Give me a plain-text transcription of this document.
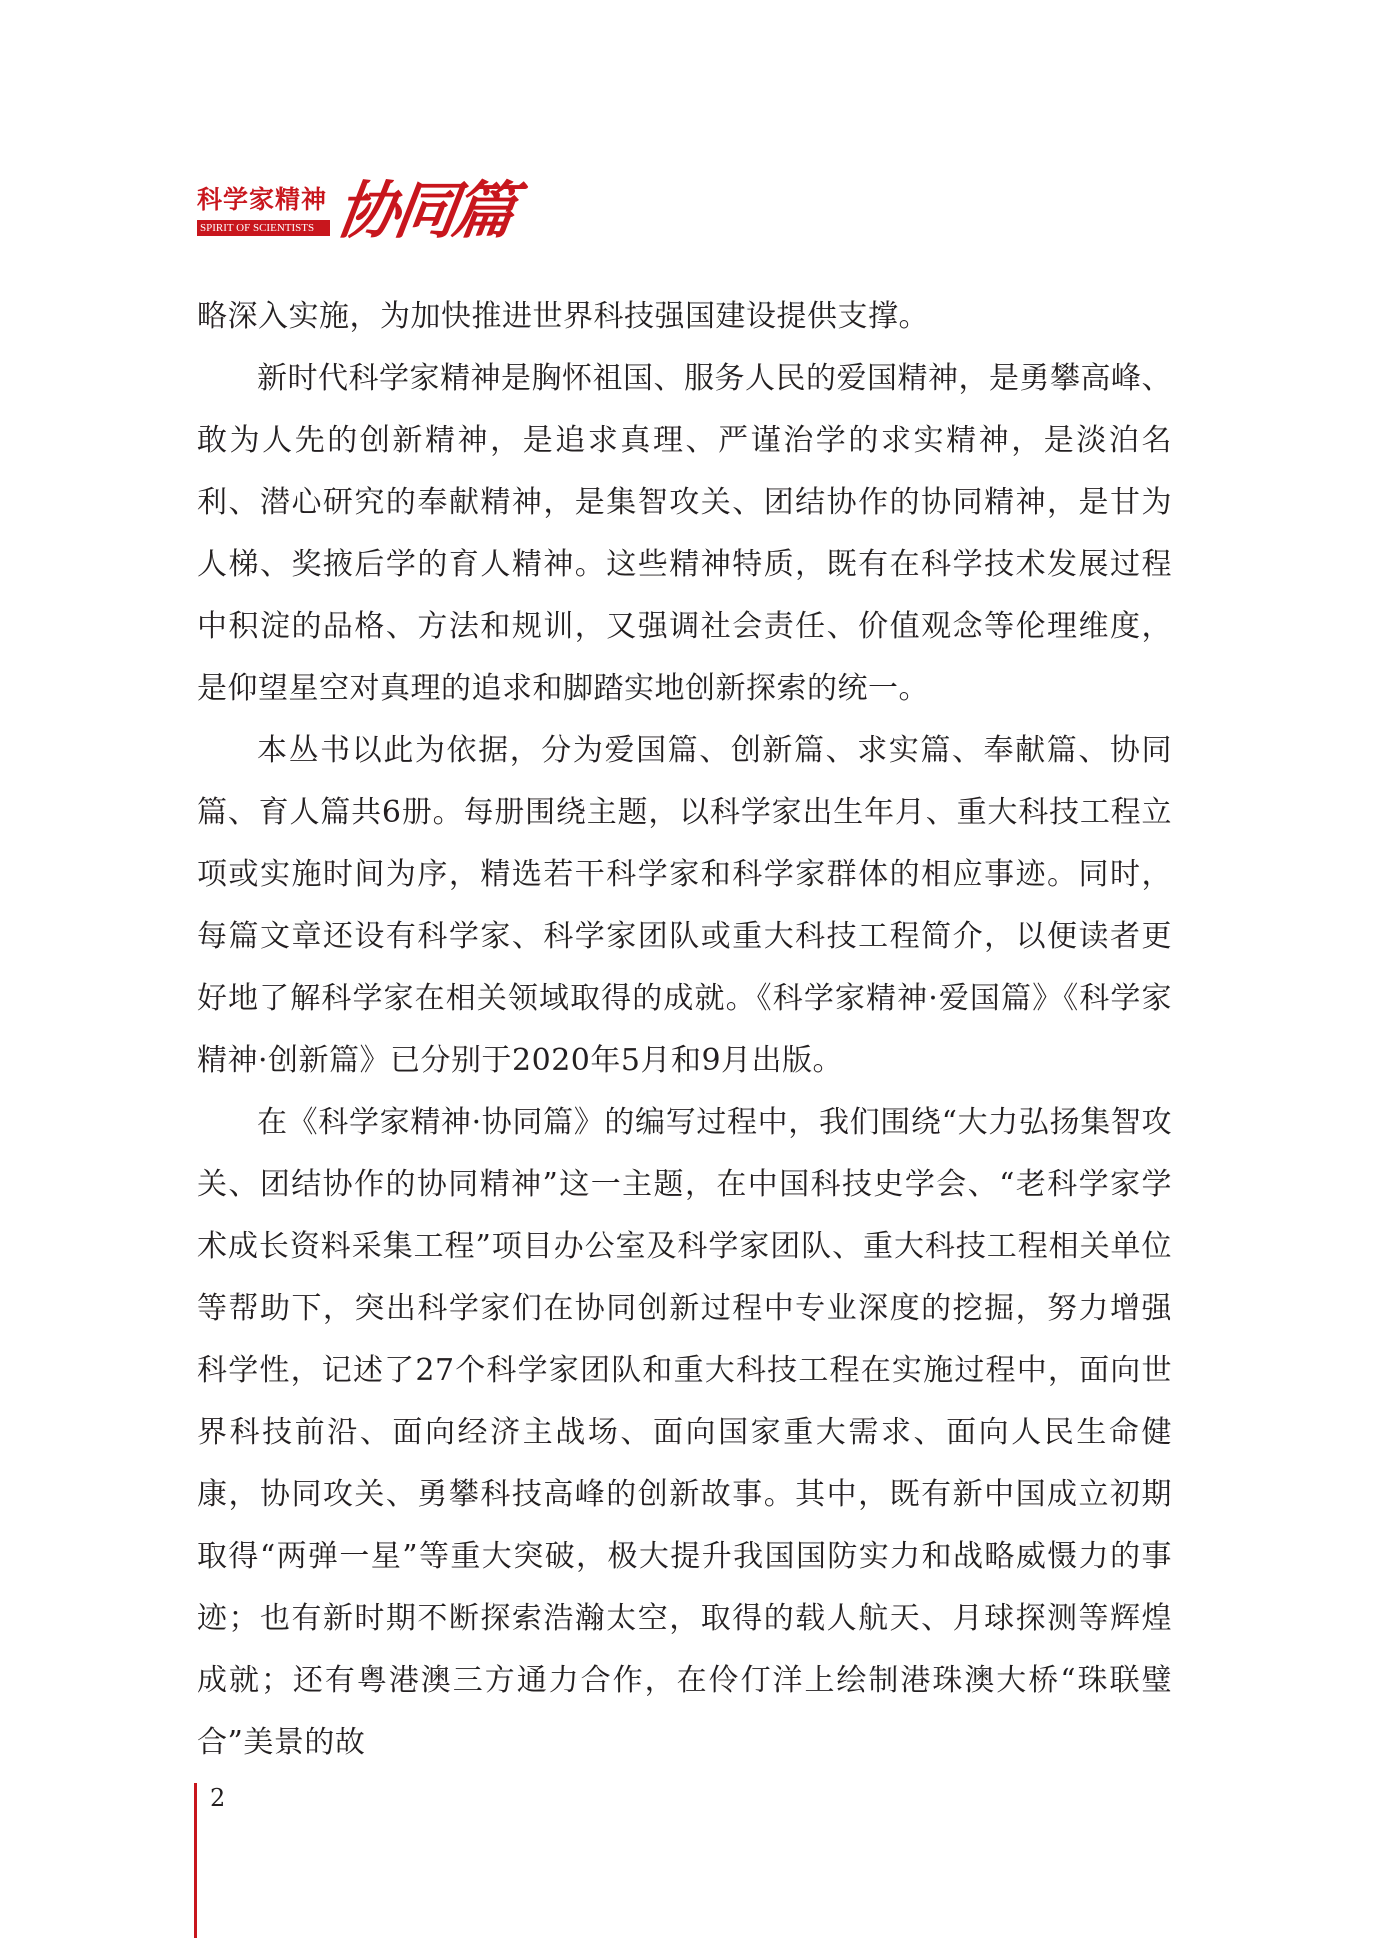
科学家精神
SPIRIT OF SCIENTISTS 协同篇

略深入实施，为加快推进世界科技强国建设提供支撑。

新时代科学家精神是胸怀祖国、服务人民的爱国精神，是勇攀高峰、敢为人先的创新精神，是追求真理、严谨治学的求实精神，是淡泊名利、潜心研究的奉献精神，是集智攻关、团结协作的协同精神，是甘为人梯、奖掖后学的育人精神。这些精神特质，既有在科学技术发展过程中积淀的品格、方法和规训，又强调社会责任、价值观念等伦理维度，是仰望星空对真理的追求和脚踏实地创新探索的统一。

本丛书以此为依据，分为爱国篇、创新篇、求实篇、奉献篇、协同篇、育人篇共6册。每册围绕主题，以科学家出生年月、重大科技工程立项或实施时间为序，精选若干科学家和科学家群体的相应事迹。同时，每篇文章还设有科学家、科学家团队或重大科技工程简介，以便读者更好地了解科学家在相关领域取得的成就。《科学家精神·爱国篇》《科学家精神·创新篇》已分别于2020年5月和9月出版。

在《科学家精神·协同篇》的编写过程中，我们围绕“大力弘扬集智攻关、团结协作的协同精神”这一主题，在中国科技史学会、“老科学家学术成长资料采集工程”项目办公室及科学家团队、重大科技工程相关单位等帮助下，突出科学家们在协同创新过程中专业深度的挖掘，努力增强科学性，记述了27个科学家团队和重大科技工程在实施过程中，面向世界科技前沿、面向经济主战场、面向国家重大需求、面向人民生命健康，协同攻关、勇攀科技高峰的创新故事。其中，既有新中国成立初期取得“两弹一星”等重大突破，极大提升我国国防实力和战略威慑力的事迹；也有新时期不断探索浩瀚太空，取得的载人航天、月球探测等辉煌成就；还有粤港澳三方通力合作，在伶仃洋上绘制港珠澳大桥“珠联璧合”美景的故

2
